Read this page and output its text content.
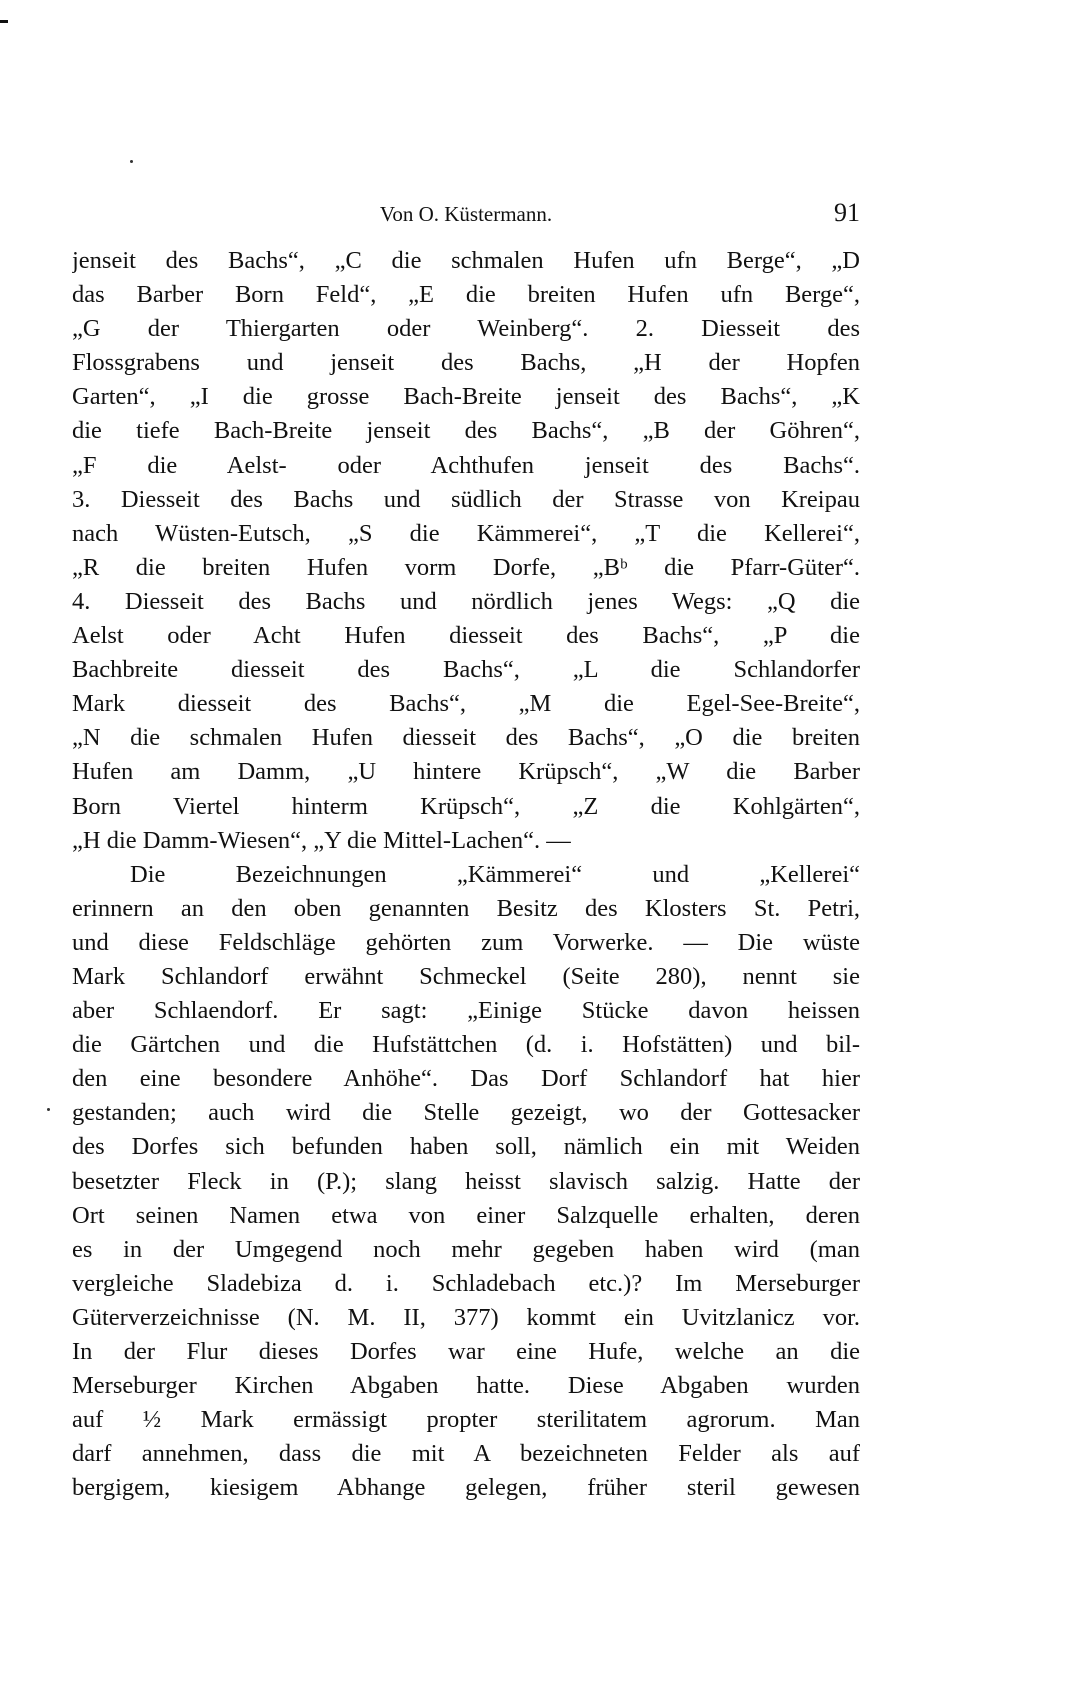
Von O. Küstermann.	91
jenseit des Bachs“, „C die schmalen Hufen ufn Berge“, „D
das Barber Born Feld“, „E die breiten Hufen ufn Berge“,
„G der Thiergarten oder Weinberg“. 2. Diesseit des
Flossgrabens und jenseit des Bachs, „H der Hopfen
Garten“, „I die grosse Bach-Breite jenseit des Bachs“, „K
die tiefe Bach-Breite jenseit des Bachs“, „B der Göhren“,
„F die Aelst- oder Achthufen jenseit des Bachs“.
3. Diesseit des Bachs und südlich der Strasse von Kreipau
nach Wüsten-Eutsch, „S die Kämmerei“, „T die Kellerei“,
„R die breiten Hufen vorm Dorfe, „Bᵇ die Pfarr-Güter“.
4. Diesseit des Bachs und nördlich jenes Wegs: „Q die
Aelst oder Acht Hufen diesseit des Bachs“, „P die
Bachbreite diesseit des Bachs“, „L die Schlandorfer
Mark diesseit des Bachs“, „M die Egel-See-Breite“,
„N die schmalen Hufen diesseit des Bachs“, „O die breiten
Hufen am Damm, „U hintere Krüpsch“, „W die Barber
Born Viertel hinterm Krüpsch“, „Z die Kohlgärten“,
„H die Damm-Wiesen“, „Y die Mittel-Lachen“. —
Die Bezeichnungen „Kämmerei“ und „Kellerei“
erinnern an den oben genannten Besitz des Klosters St. Petri,
und diese Feldschläge gehörten zum Vorwerke. — Die wüste
Mark Schlandorf erwähnt Schmeckel (Seite 280), nennt sie
aber Schlaendorf. Er sagt: „Einige Stücke davon heissen
die Gärtchen und die Hufstättchen (d. i. Hofstätten) und bil-
den eine besondere Anhöhe“. Das Dorf Schlandorf hat hier
gestanden; auch wird die Stelle gezeigt, wo der Gottesacker
des Dorfes sich befunden haben soll, nämlich ein mit Weiden
besetzter Fleck in (P.); slang heisst slavisch salzig. Hatte der
Ort seinen Namen etwa von einer Salzquelle erhalten, deren
es in der Umgegend noch mehr gegeben haben wird (man
vergleiche Sladebiza d. i. Schladebach etc.)? Im Merseburger
Güterverzeichnisse (N. M. II, 377) kommt ein Uvitzlanicz vor.
In der Flur dieses Dorfes war eine Hufe, welche an die
Merseburger Kirchen Abgaben hatte. Diese Abgaben wurden
auf ½ Mark ermässigt propter sterilitatem agrorum. Man
darf annehmen, dass die mit A bezeichneten Felder als auf
bergigem, kiesigem Abhange gelegen, früher steril gewesen
